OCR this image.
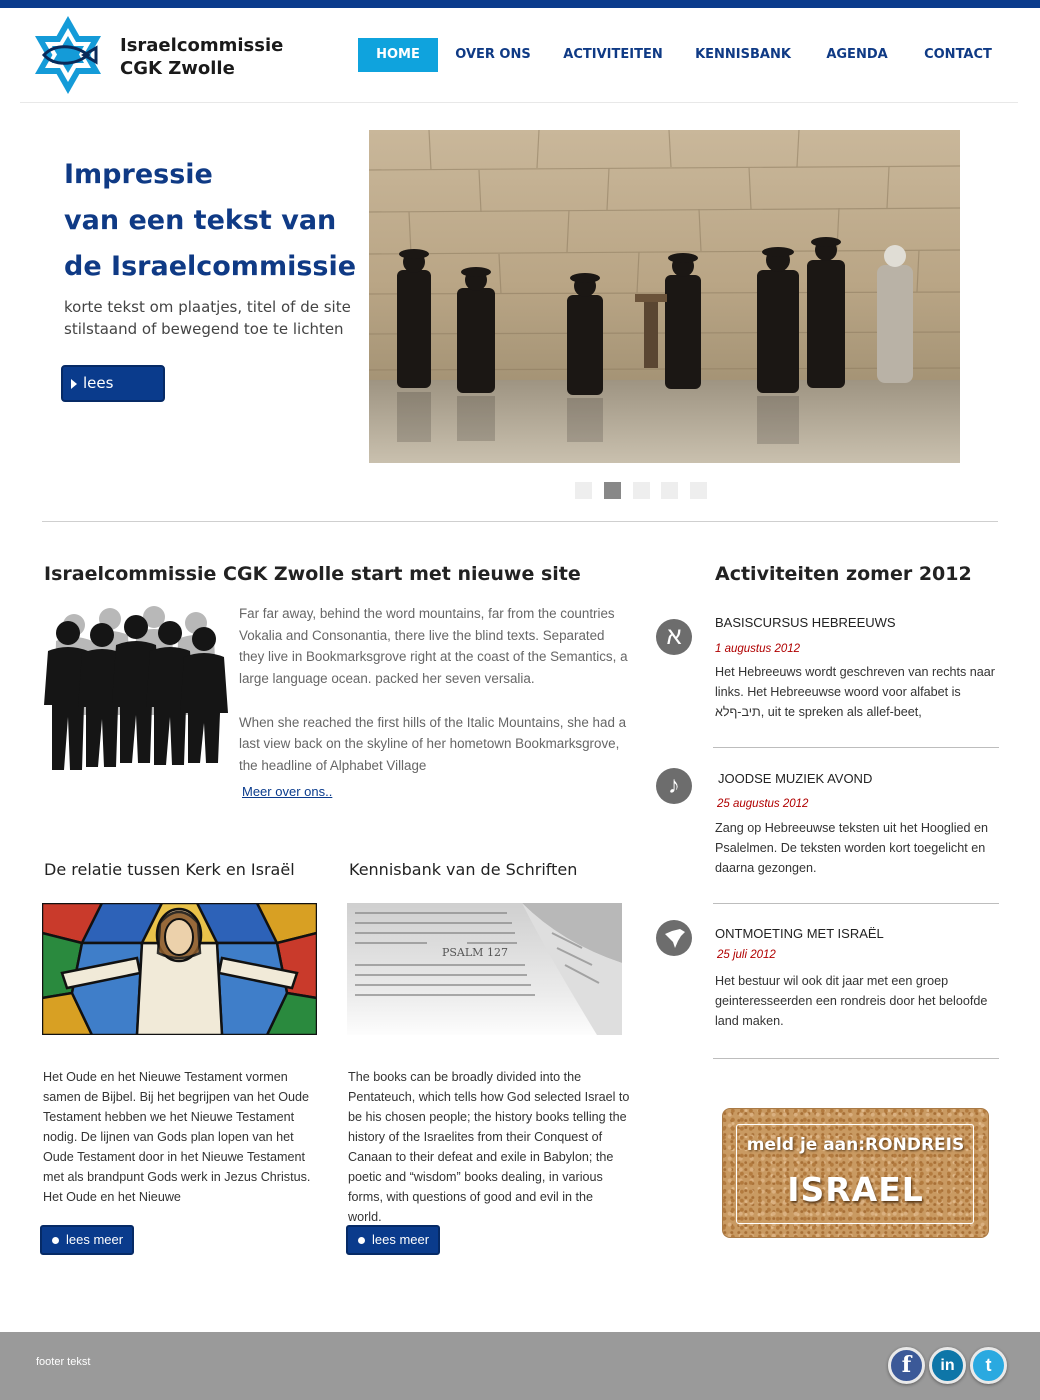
Israelcommissie
CGK Zwolle
HOME	OVER ONS	ACTIVITEITEN KENNISBANK	AGENDA	CONTACT
Impressie
van een tekst van
de Israelcommissie
korte tekst om plaatjes, titel of de site
stilstaand of bewegend toe te lichten
lees verder
Israelcommissie CGK Zwolle start met nieuwe site

Far far away, behind the word mountains, far from the countries Vokalia and Consonantia, there live the blind texts. Separated they live in Bookmarksgrove right at the coast of the Semantics, a large language ocean. packed her seven versalia.

When she reached the first hills of the Italic Mountains, she had a last view back on the skyline of her hometown Bookmarksgrove, the headline of Alphabet Village

Meer over ons..
De relatie tussen Kerk en Israël
Het Oude en het Nieuwe Testament vormen samen de Bijbel. Bij het begrijpen van het Oude Testament hebben we het Nieuwe Testament nodig. De lijnen van Gods plan lopen van het Oude Testament door in het Nieuwe Testament met als brandpunt Gods werk in Jezus Christus. Het Oude en het Nieuwe
lees meer
Kennisbank van de Schriften
PSALM 127
The books can be broadly divided into the Pentateuch, which tells how God selected Israel to be his chosen people; the history books telling the history of the Israelites from their Conquest of Canaan to their defeat and exile in Babylon; the poetic and “wisdom” books dealing, in various forms, with questions of good and evil in the world.
lees meer
Activiteiten zomer 2012
א
BASISCURSUS HEBREEUWS
1 augustus 2012
Het Hebreeuws wordt geschreven van rechts naar links. Het Hebreeuwse woord voor alfabet is תיב-ףלא, uit te spreken als allef-beet,
♪	JOODSE MUZIEK AVOND
25 augustus 2012
Zang op Hebreeuwse teksten uit het Hooglied en Psalelmen. De teksten worden kort toegelicht en daarna gezongen.
ONTMOETING MET ISRAËL
25 juli 2012
Het bestuur wil ook dit jaar met een groep geinteresseerden een rondreis door het beloofde land maken.
meld je aan:RONDREIS
ISRAEL
footer tekst	f	in	t
